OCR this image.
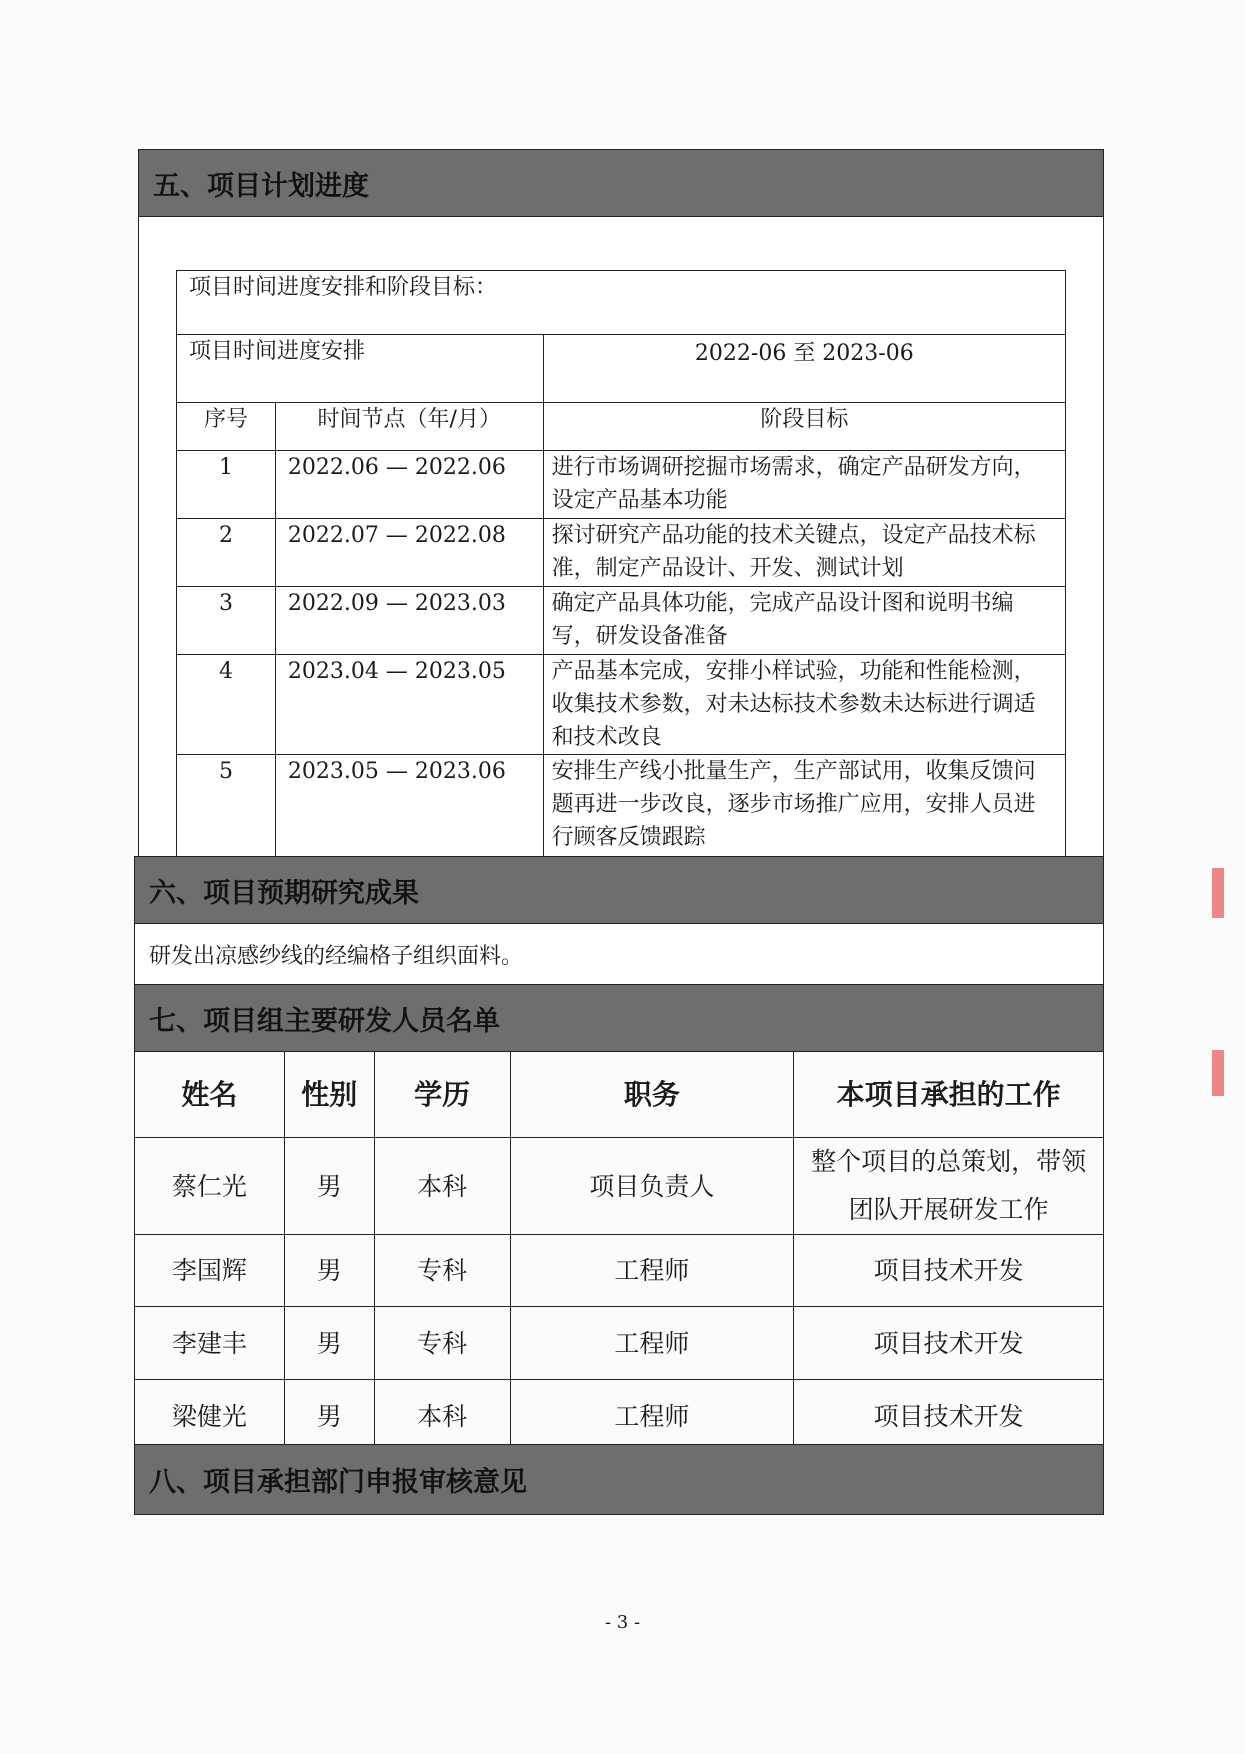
五、项目计划进度
项目时间进度安排和阶段目标：		
项目时间进度安排		2022-06 至 2023-06
序号	时间节点（年/月）	阶段目标
1	2022.06 — 2022.06	进行市场调研挖掘市场需求，确定产品研发方向，设定产品基本功能
2	2022.07 — 2022.08	探讨研究产品功能的技术关键点，设定产品技术标准，制定产品设计、开发、测试计划
3	2022.09 — 2023.03	确定产品具体功能，完成产品设计图和说明书编写，研发设备准备
4	2023.04 — 2023.05	产品基本完成，安排小样试验，功能和性能检测，收集技术参数，对未达标技术参数未达标进行调适和技术改良
5	2023.05 — 2023.06	安排生产线小批量生产，生产部试用，收集反馈问题再进一步改良，逐步市场推广应用，安排人员进行顾客反馈跟踪
六、项目预期研究成果
研发出凉感纱线的经编格子组织面料。
七、项目组主要研发人员名单
姓名	性别	学历	职务	本项目承担的工作
蔡仁光	男	本科	项目负责人	整个项目的总策划，带领团队开展研发工作
李国辉	男	专科	工程师	项目技术开发
李建丰	男	专科	工程师	项目技术开发
梁健光	男	本科	工程师	项目技术开发
八、项目承担部门申报审核意见
- 3 -
